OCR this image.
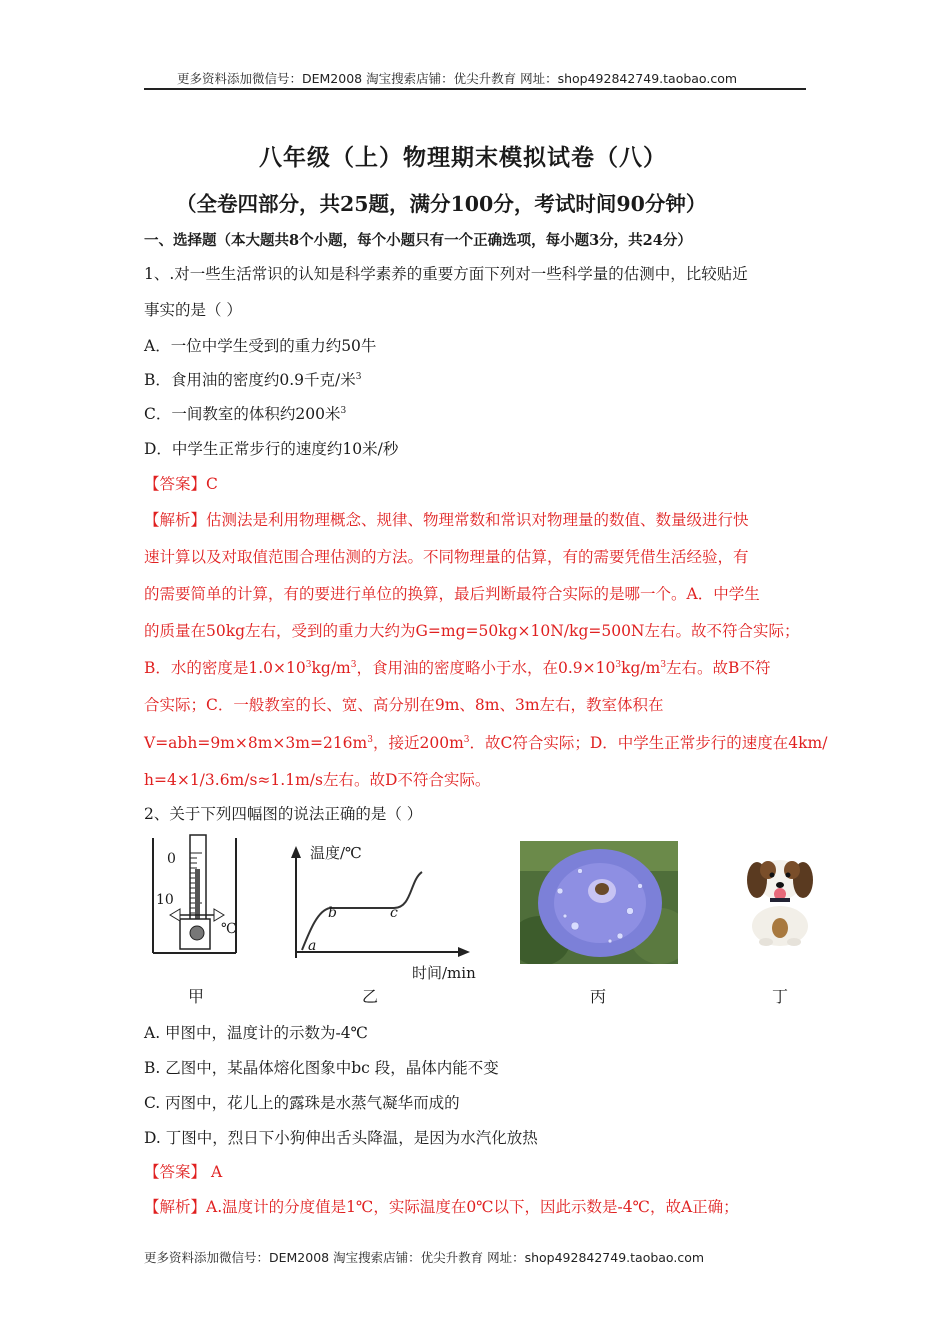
更多资料添加微信号：DEM2008 淘宝搜索店铺：优尖升教育 网址：shop492842749.taobao.com
八年级（上）物理期末模拟试卷（八）
（全卷四部分，共25题，满分100分，考试时间90分钟）
一、选择题（本大题共8个小题，每个小题只有一个正确选项，每小题3分，共24分）
1、.对一些生活常识的认知是科学素养的重要方面下列对一些科学量的估测中，比较贴近
事实的是（ ）
A．一位中学生受到的重力约50牛
B．食用油的密度约0.9千克/米$^3$
C．一间教室的体积约200米$^3$
D．中学生正常步行的速度约10米/秒
【答案】C
【解析】估测法是利用物理概念、规律、物理常数和常识对物理量的数值、数量级进行快
速计算以及对取值范围合理估测的方法。不同物理量的估算，有的需要凭借生活经验，有
的需要简单的计算，有的要进行单位的换算，最后判断最符合实际的是哪一个。A．中学生
的质量在50kg左右，受到的重力大约为G=mg=50kg×10N/kg=500N左右。故不符合实际；
B．水的密度是$1.0\times 10^3kg/m^3$，食用油的密度略小于水，在$0.9\times 10^3kg/m^3$左右。故B不符
合实际；C．一般教室的长、宽、高分别在9m、8m、3m左右，教室体积在
$V=abh=9m\times 8m\times 3m=216m^3$，接近$200m^3$．故C符合实际；D．中学生正常步行的速度在4km/
h=4×1/3.6m/s≈1.1m/s左右。故D不符合实际。
2、关于下列四幅图的说法正确的是（ ）
0
10
℃
温度/℃
时间/min
a
b	c
甲	乙	丙	丁
A. 甲图中，温度计的示数为-4℃
B. 乙图中，某晶体熔化图象中bc 段，晶体内能不变
C. 丙图中，花儿上的露珠是水蒸气凝华而成的
D. 丁图中，烈日下小狗伸出舌头降温，是因为水汽化放热
【答案】 A
【解析】A.温度计的分度值是1℃，实际温度在0℃以下，因此示数是-4℃，故A正确；
更多资料添加微信号：DEM2008 淘宝搜索店铺：优尖升教育 网址：shop492842749.taobao.com
